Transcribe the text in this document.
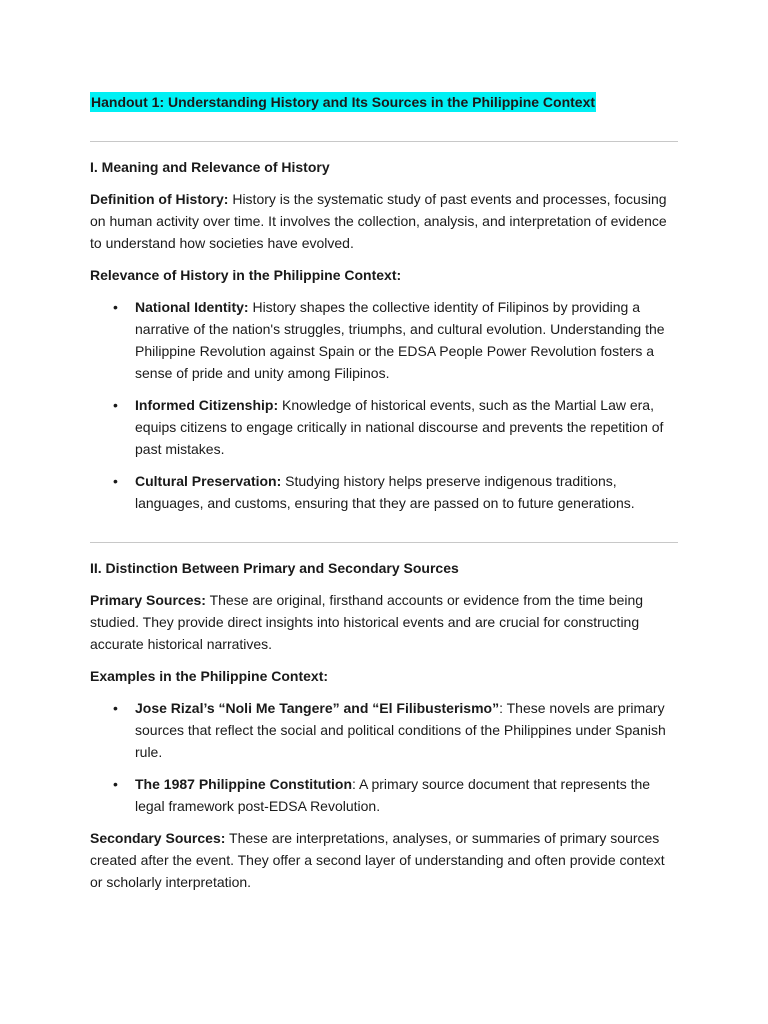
Handout 1: Understanding History and Its Sources in the Philippine Context

I. Meaning and Relevance of History

Definition of History: History is the systematic study of past events and processes, focusing on human activity over time. It involves the collection, analysis, and interpretation of evidence to understand how societies have evolved.

Relevance of History in the Philippine Context:

• National Identity: History shapes the collective identity of Filipinos by providing a narrative of the nation's struggles, triumphs, and cultural evolution. Understanding the Philippine Revolution against Spain or the EDSA People Power Revolution fosters a sense of pride and unity among Filipinos.
• Informed Citizenship: Knowledge of historical events, such as the Martial Law era, equips citizens to engage critically in national discourse and prevents the repetition of past mistakes.
• Cultural Preservation: Studying history helps preserve indigenous traditions, languages, and customs, ensuring that they are passed on to future generations.

II. Distinction Between Primary and Secondary Sources

Primary Sources: These are original, firsthand accounts or evidence from the time being studied. They provide direct insights into historical events and are crucial for constructing accurate historical narratives.

Examples in the Philippine Context:

• Jose Rizal’s “Noli Me Tangere” and “El Filibusterismo”: These novels are primary sources that reflect the social and political conditions of the Philippines under Spanish rule.
• The 1987 Philippine Constitution: A primary source document that represents the legal framework post-EDSA Revolution.

Secondary Sources: These are interpretations, analyses, or summaries of primary sources created after the event. They offer a second layer of understanding and often provide context or scholarly interpretation.
